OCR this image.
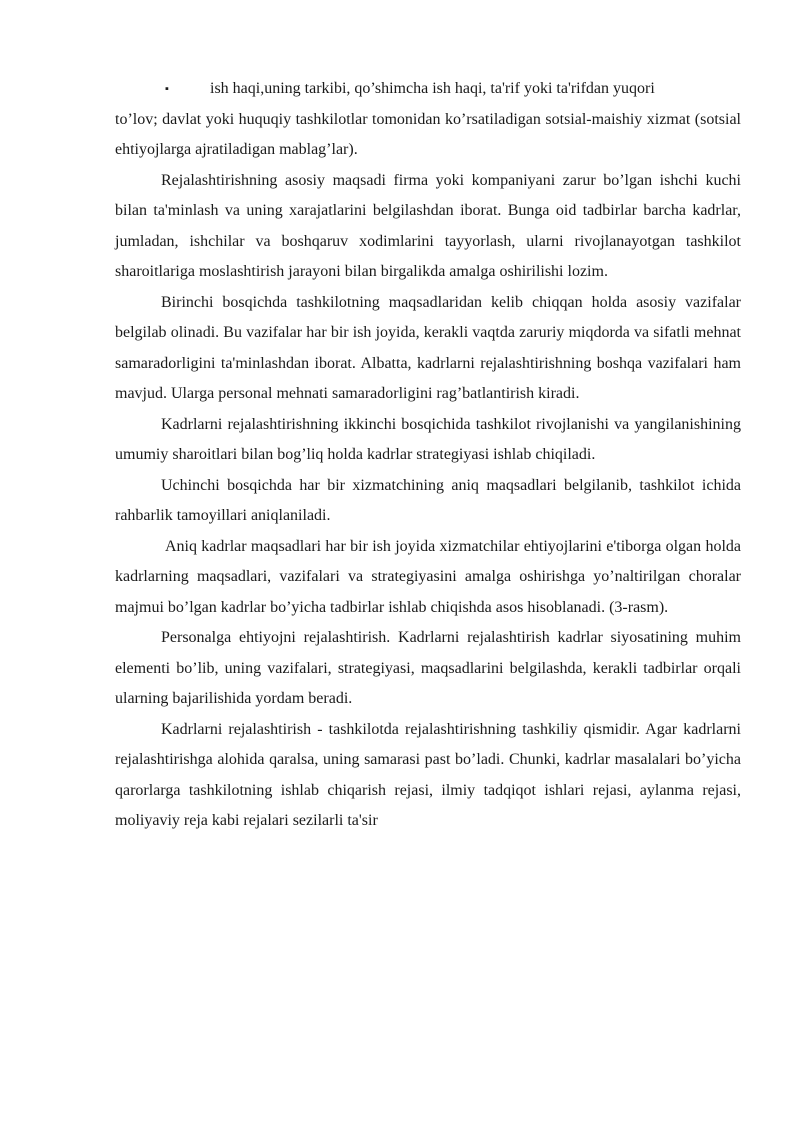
▪	ish haqi,uning tarkibi, qo’shimcha ish haqi, ta'rif yoki ta'rifdan yuqori

to’lov; davlat yoki huquqiy tashkilotlar tomonidan ko’rsatiladigan sotsial-maishiy xizmat (sotsial ehtiyojlarga ajratiladigan mablag’lar).

Rejalashtirishning asosiy maqsadi firma yoki kompaniyani zarur bo’lgan ishchi kuchi bilan ta'minlash va uning xarajatlarini belgilashdan iborat. Bunga oid tadbirlar barcha kadrlar, jumladan, ishchilar va boshqaruv xodimlarini tayyorlash, ularni rivojlanayotgan tashkilot sharoitlariga moslashtirish jarayoni bilan birgalikda amalga oshirilishi lozim.

Birinchi bosqichda tashkilotning maqsadlaridan kelib chiqqan holda asosiy vazifalar belgilab olinadi. Bu vazifalar har bir ish joyida, kerakli vaqtda zaruriy miqdorda va sifatli mehnat samaradorligini ta'minlashdan iborat. Albatta, kadrlarni rejalashtirishning boshqa vazifalari ham mavjud. Ularga personal mehnati samaradorligini rag’batlantirish kiradi.

Kadrlarni rejalashtirishning ikkinchi bosqichida tashkilot rivojlanishi va yangilanishining umumiy sharoitlari bilan bog’liq holda kadrlar strategiyasi ishlab chiqiladi.

Uchinchi bosqichda har bir xizmatchining aniq maqsadlari belgilanib, tashkilot ichida rahbarlik tamoyillari aniqlaniladi.

Aniq kadrlar maqsadlari har bir ish joyida xizmatchilar ehtiyojlarini e'tiborga olgan holda kadrlarning maqsadlari, vazifalari va strategiyasini amalga oshirishga yo’naltirilgan choralar majmui bo’lgan kadrlar bo’yicha tadbirlar ishlab chiqishda asos hisoblanadi. (3-rasm).

Personalga ehtiyojni rejalashtirish. Kadrlarni rejalashtirish kadrlar siyosatining muhim elementi bo’lib, uning vazifalari, strategiyasi, maqsadlarini belgilashda, kerakli tadbirlar orqali ularning bajarilishida yordam beradi.

Kadrlarni rejalashtirish - tashkilotda rejalashtirishning tashkiliy qismidir. Agar kadrlarni rejalashtirishga alohida qaralsa, uning samarasi past bo’ladi. Chunki, kadrlar masalalari bo’yicha qarorlarga tashkilotning ishlab chiqarish rejasi, ilmiy tadqiqot ishlari rejasi, aylanma rejasi, moliyaviy reja kabi rejalari sezilarli ta'sir
